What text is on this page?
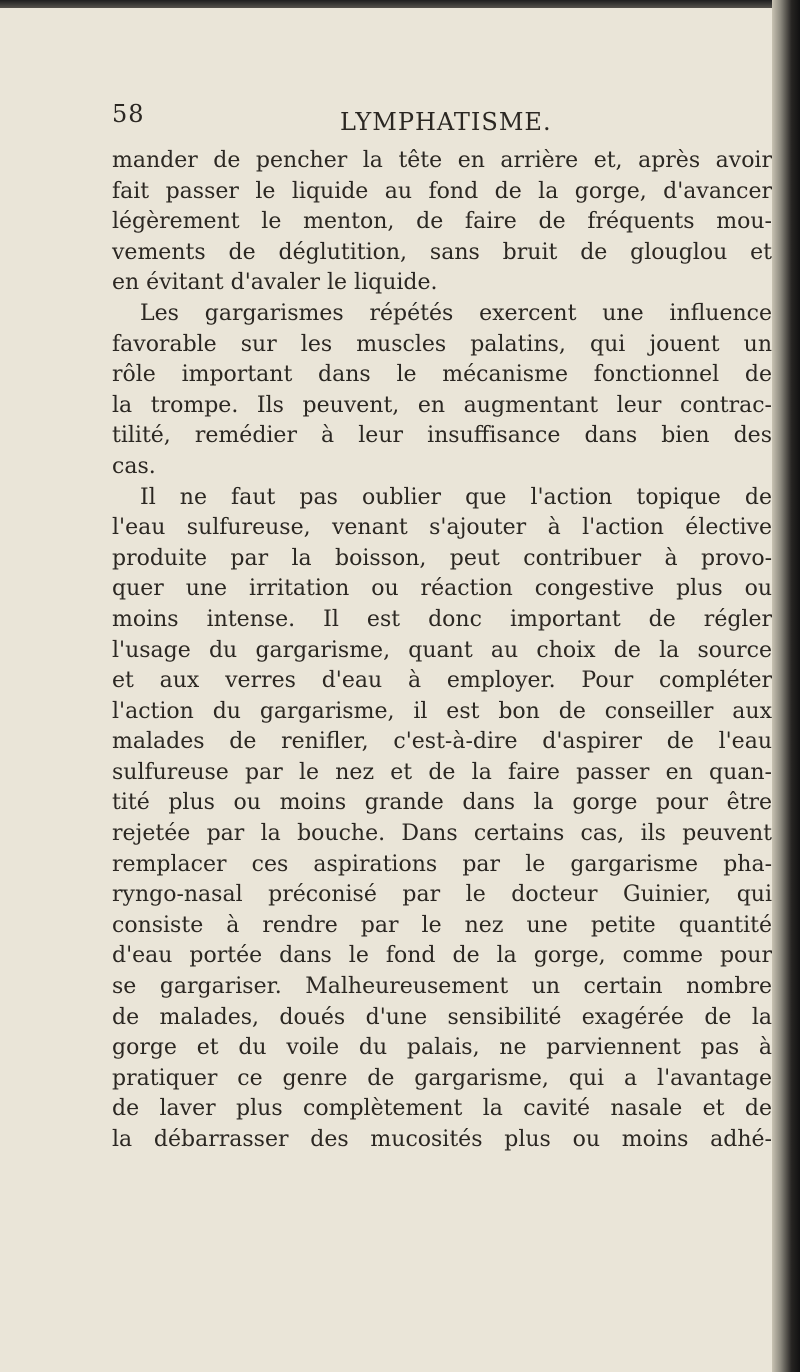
58	LYMPHATISME.
mander de pencher la tête en arrière et, après avoir
fait passer le liquide au fond de la gorge, d'avancer
légèrement le menton, de faire de fréquents mou-
vements de déglutition, sans bruit de glouglou et
en évitant d'avaler le liquide.
Les gargarismes répétés exercent une influence
favorable sur les muscles palatins, qui jouent un
rôle important dans le mécanisme fonctionnel de
la trompe. Ils peuvent, en augmentant leur contrac-
tilité, remédier à leur insuffisance dans bien des
cas.
Il ne faut pas oublier que l'action topique de
l'eau sulfureuse, venant s'ajouter à l'action élective
produite par la boisson, peut contribuer à provo-
quer une irritation ou réaction congestive plus ou
moins intense. Il est donc important de régler
l'usage du gargarisme, quant au choix de la source
et aux verres d'eau à employer. Pour compléter
l'action du gargarisme, il est bon de conseiller aux
malades de renifler, c'est-à-dire d'aspirer de l'eau
sulfureuse par le nez et de la faire passer en quan-
tité plus ou moins grande dans la gorge pour être
rejetée par la bouche. Dans certains cas, ils peuvent
remplacer ces aspirations par le gargarisme pha-
ryngo-nasal préconisé par le docteur Guinier, qui
consiste à rendre par le nez une petite quantité
d'eau portée dans le fond de la gorge, comme pour
se gargariser. Malheureusement un certain nombre
de malades, doués d'une sensibilité exagérée de la
gorge et du voile du palais, ne parviennent pas à
pratiquer ce genre de gargarisme, qui a l'avantage
de laver plus complètement la cavité nasale et de
la débarrasser des mucosités plus ou moins adhé-
